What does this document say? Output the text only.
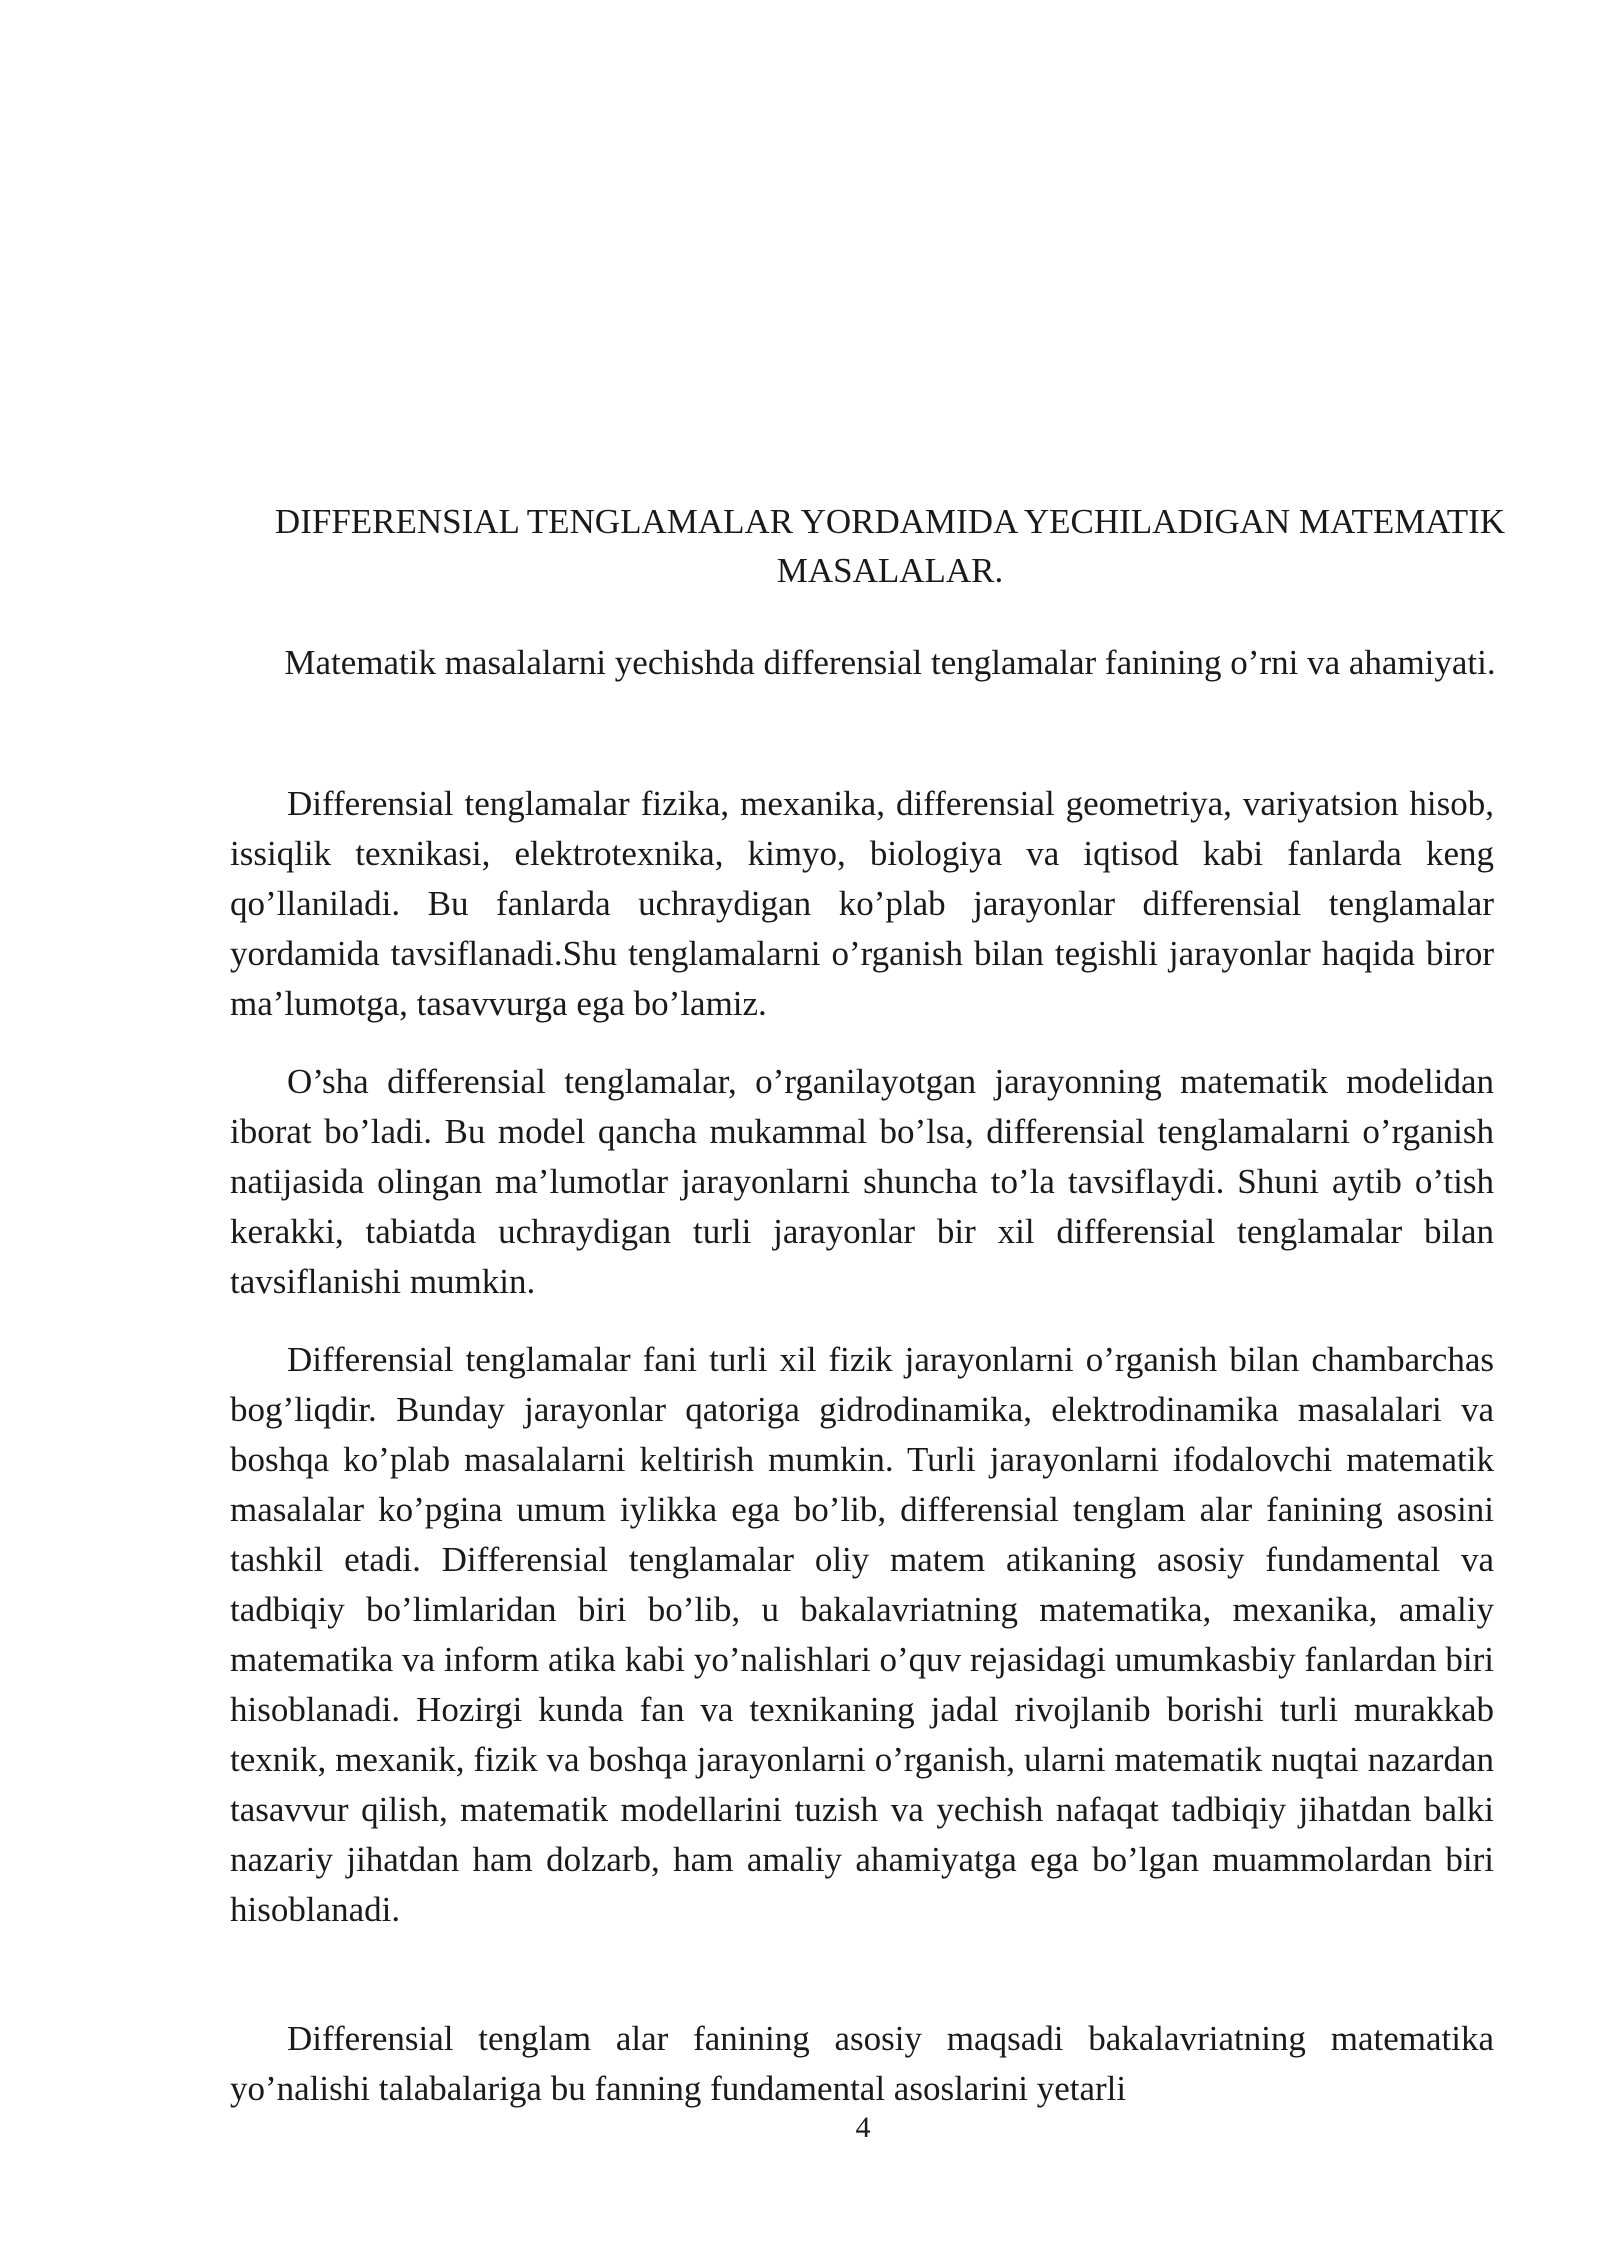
DIFFERENSIAL TENGLAMALAR YORDAMIDA YECHILADIGAN MATEMATIK MASALALAR.
Matematik masalalarni yechishda differensial tenglamalar fanining o’rni va ahamiyati.

Differensial tenglamalar fizika, mexanika, differensial geometriya, variyatsion hisob, issiqlik texnikasi, elektrotexnika, kimyo, biologiya va iqtisod kabi fanlarda keng qo’llaniladi. Bu fanlarda uchraydigan ko’plab jarayonlar differensial tenglamalar yordamida tavsiflanadi.Shu tenglamalarni o’rganish bilan tegishli jarayonlar haqida biror ma’lumotga, tasavvurga ega bo’lamiz.

O’sha differensial tenglamalar, o’rganilayotgan jarayonning matematik modelidan iborat bo’ladi. Bu model qancha mukammal bo’lsa, differensial tenglamalarni o’rganish natijasida olingan ma’lumotlar jarayonlarni shuncha to’la tavsiflaydi. Shuni aytib o’tish kerakki, tabiatda uchraydigan turli jarayonlar bir xil differensial tenglamalar bilan tavsiflanishi mumkin.

Differensial tenglamalar fani turli xil fizik jarayonlarni o’rganish bilan chambarchas bog’liqdir. Bunday jarayonlar qatoriga gidrodinamika, elektrodinamika masalalari va boshqa ko’plab masalalarni keltirish mumkin. Turli jarayonlarni ifodalovchi matematik masalalar ko’pgina umum iylikka ega bo’lib, differensial tenglam alar fanining asosini tashkil etadi. Differensial tenglamalar oliy matem atikaning asosiy fundamental va tadbiqiy bo’limlaridan biri bo’lib, u bakalavriatning matematika, mexanika, amaliy matematika va inform atika kabi yo’nalishlari o’quv rejasidagi umumkasbiy fanlardan biri hisoblanadi. Hozirgi kunda fan va texnikaning jadal rivojlanib borishi turli murakkab texnik, mexanik, fizik va boshqa jarayonlarni o’rganish, ularni matematik nuqtai nazardan tasavvur qilish, matematik modellarini tuzish va yechish nafaqat tadbiqiy jihatdan balki nazariy jihatdan ham dolzarb, ham amaliy ahamiyatga ega bo’lgan muammolardan biri hisoblanadi.

Differensial tenglam alar fanining asosiy maqsadi bakalavriatning matematika yo’nalishi talabalariga bu fanning fundamental asoslarini yetarli

4
